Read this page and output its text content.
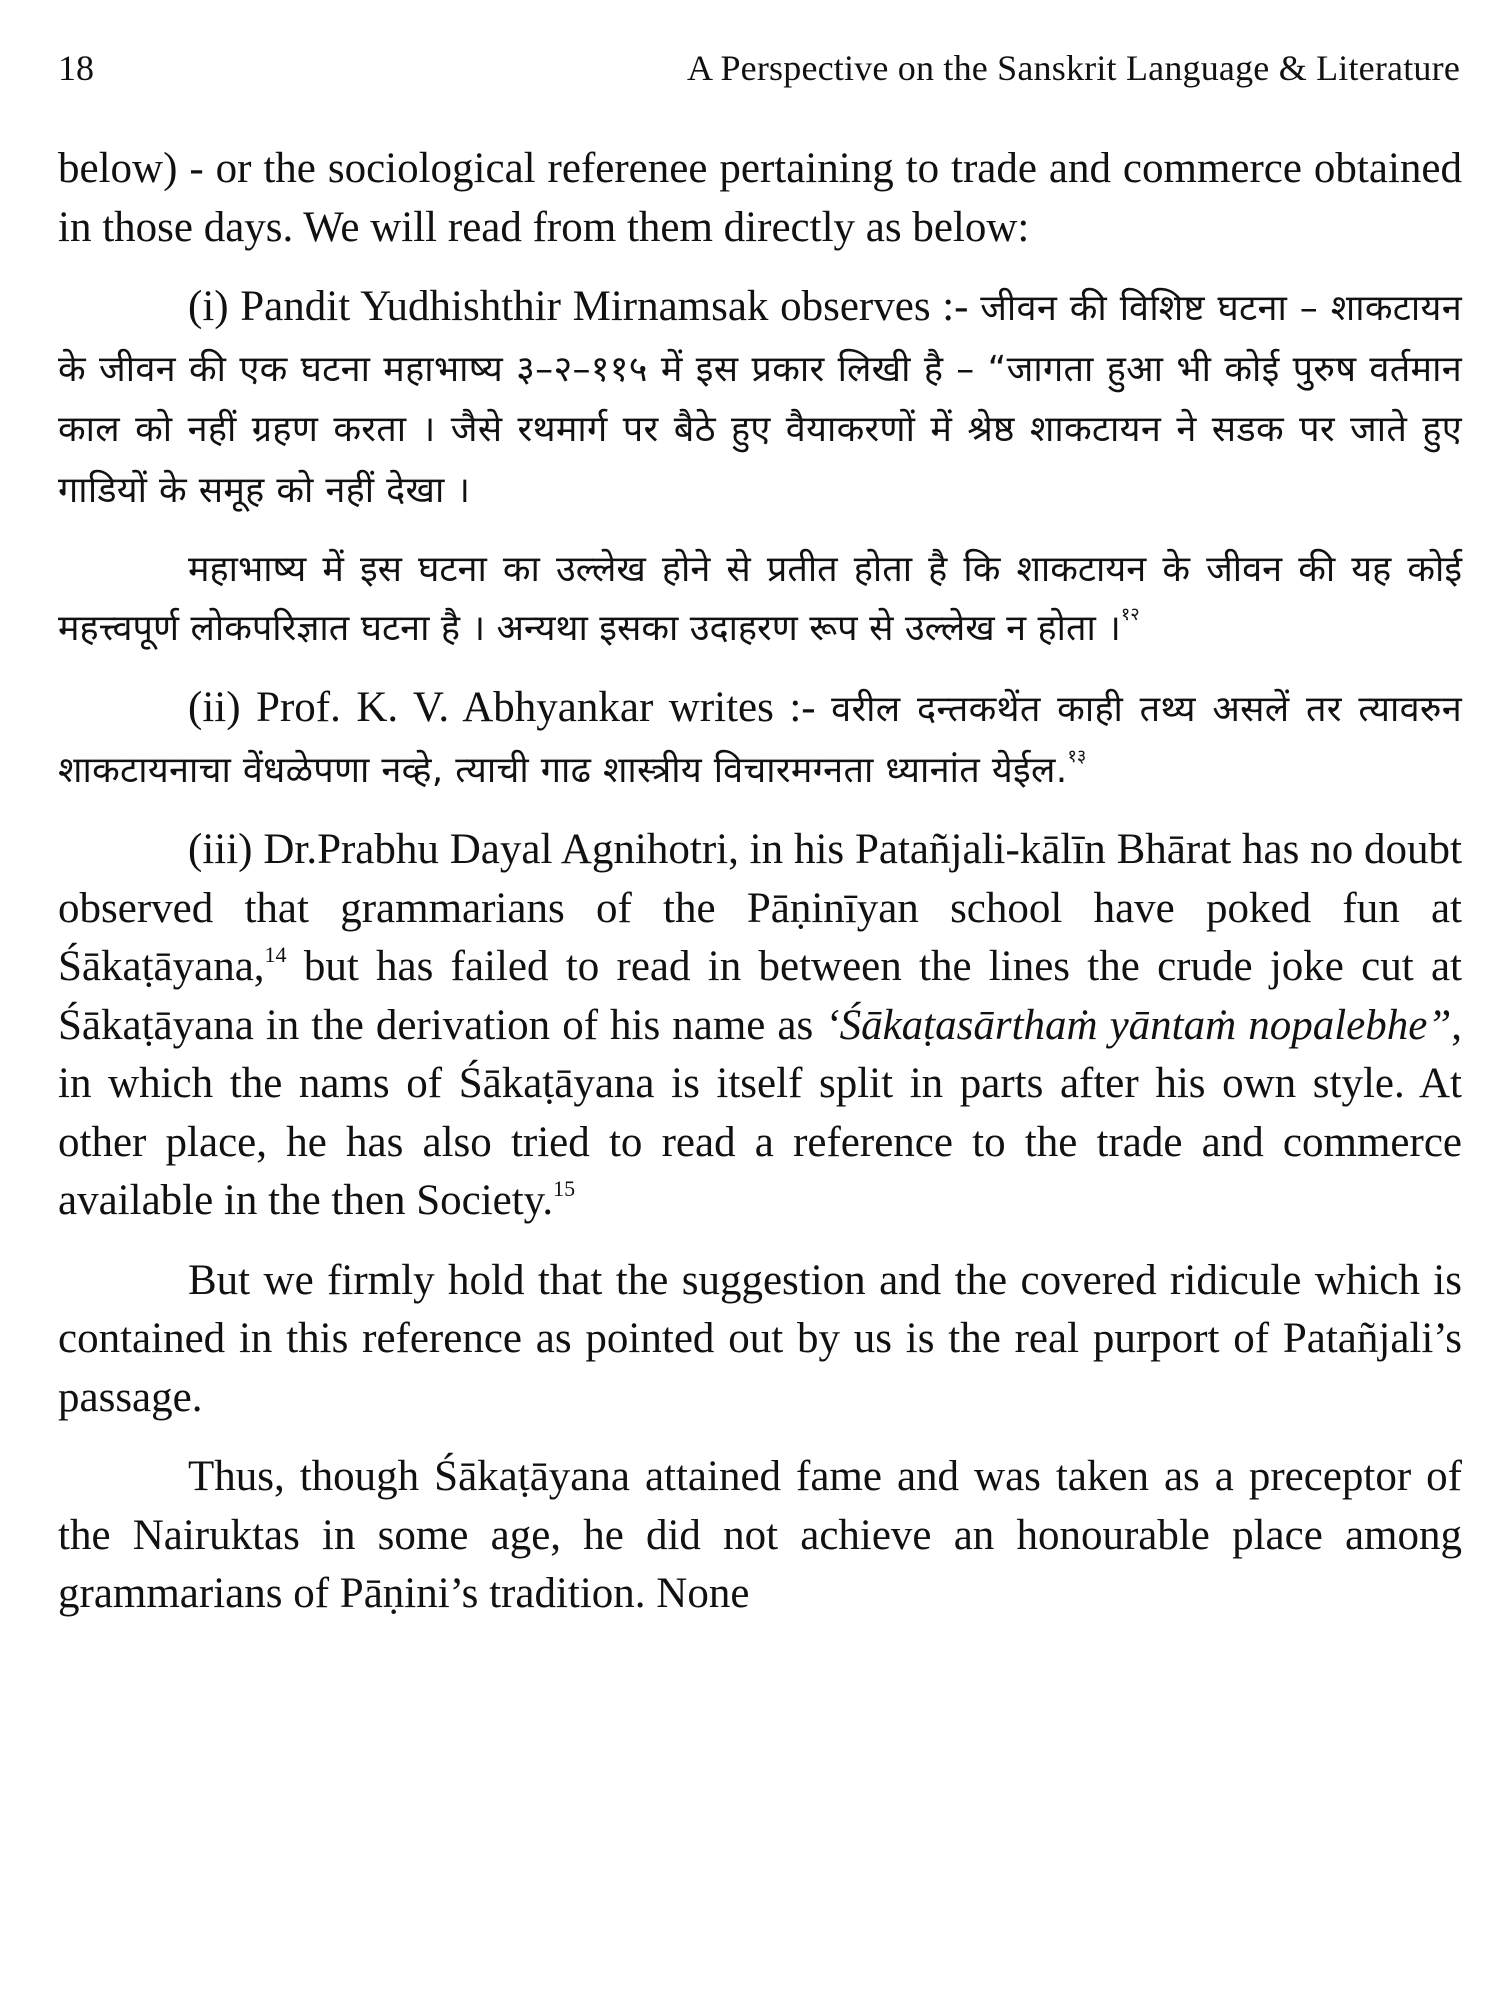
18	A Perspective on the Sanskrit Language & Literature

below) - or the sociological referenee pertaining to trade and commerce obtained in those days. We will read from them directly as below:

(i) Pandit Yudhishthir Mirnamsak observes :- जीवन की विशिष्ट घटना – शाकटायन के जीवन की एक घटना महाभाष्य ३–२–११५ में इस प्रकार लिखी है – “जागता हुआ भी कोई पुरुष वर्तमान काल को नहीं ग्रहण करता । जैसे रथमार्ग पर बैठे हुए वैयाकरणों में श्रेष्ठ शाकटायन ने सडक पर जाते हुए गाडियों के समूह को नहीं देखा ।

महाभाष्य में इस घटना का उल्लेख होने से प्रतीत होता है कि शाकटायन के जीवन की यह कोई महत्त्वपूर्ण लोकपरिज्ञात घटना है । अन्यथा इसका उदाहरण रूप से उल्लेख न होता ।$^{१२}$

(ii) Prof. K. V. Abhyankar writes :- वरील दन्तकथेंत काही तथ्य असलें तर त्यावरुन शाकटायनाचा वेंधळेपणा नव्हे, त्याची गाढ शास्त्रीय विचारमग्नता ध्यानांत येईल.$^{१३}$

(iii) Dr.Prabhu Dayal Agnihotri, in his Patañjali-kālīn Bhārat has no doubt observed that grammarians of the Pāṇinīyan school have poked fun at Śākaṭāyana,$^{14}$ but has failed to read in between the lines the crude joke cut at Śākaṭāyana in the derivation of his name as ‘Śākaṭasārthaṁ yāntaṁ nopalebhe”, in which the nams of Śākaṭāyana is itself split in parts after his own style. At other place, he has also tried to read a reference to the trade and commerce available in the then Society.$^{15}$

But we firmly hold that the suggestion and the covered ridicule which is contained in this reference as pointed out by us is the real purport of Patañjali’s passage.

Thus, though Śākaṭāyana attained fame and was taken as a preceptor of the Nairuktas in some age, he did not achieve an honourable place among grammarians of Pāṇini’s tradition. None
